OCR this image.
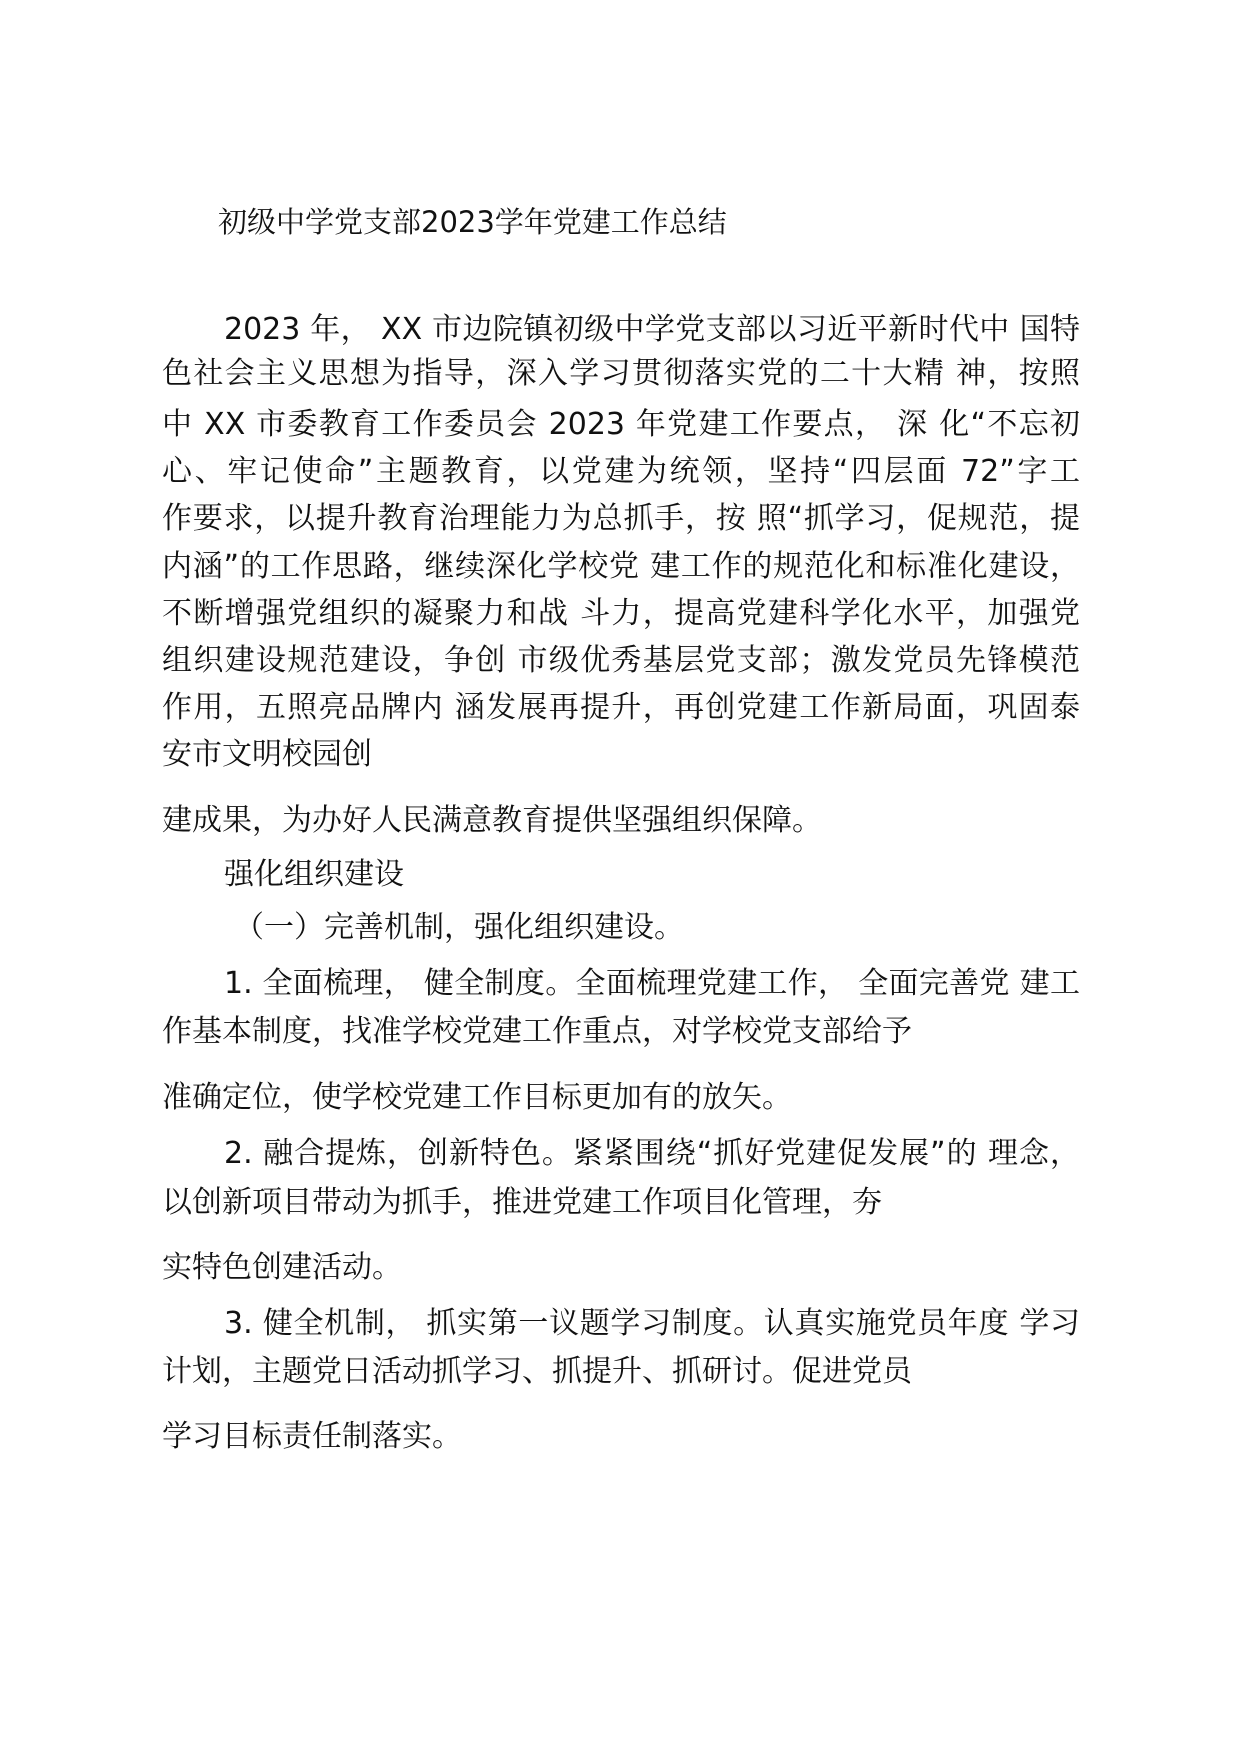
初级中学党支部2023学年党建工作总结
2023 年， XX 市边院镇初级中学党支部以习近平新时代中 国特
色社会主义思想为指导，深入学习贯彻落实党的二十大精 神，按照
中 XX 市委教育工作委员会 2023 年党建工作要点， 深 化“不忘初
心、牢记使命”主题教育，以党建为统领，坚持“四层面 72”字工
作要求，以提升教育治理能力为总抓手，按 照“抓学习，促规范，提
内涵”的工作思路，继续深化学校党 建工作的规范化和标准化建设，
不断增强党组织的凝聚力和战 斗力，提高党建科学化水平，加强党
组织建设规范建设，争创 市级优秀基层党支部；激发党员先锋模范
作用，五照亮品牌内 涵发展再提升，再创党建工作新局面，巩固泰
安市文明校园创
建成果，为办好人民满意教育提供坚强组织保障。
强化组织建设
（一）完善机制，强化组织建设。
1. 全面梳理， 健全制度。全面梳理党建工作， 全面完善党 建工
作基本制度，找准学校党建工作重点，对学校党支部给予
准确定位，使学校党建工作目标更加有的放矢。
2. 融合提炼，创新特色。紧紧围绕“抓好党建促发展”的 理念，
以创新项目带动为抓手，推进党建工作项目化管理，夯
实特色创建活动。
3. 健全机制， 抓实第一议题学习制度。认真实施党员年度 学习
计划，主题党日活动抓学习、抓提升、抓研讨。促进党员
学习目标责任制落实。
